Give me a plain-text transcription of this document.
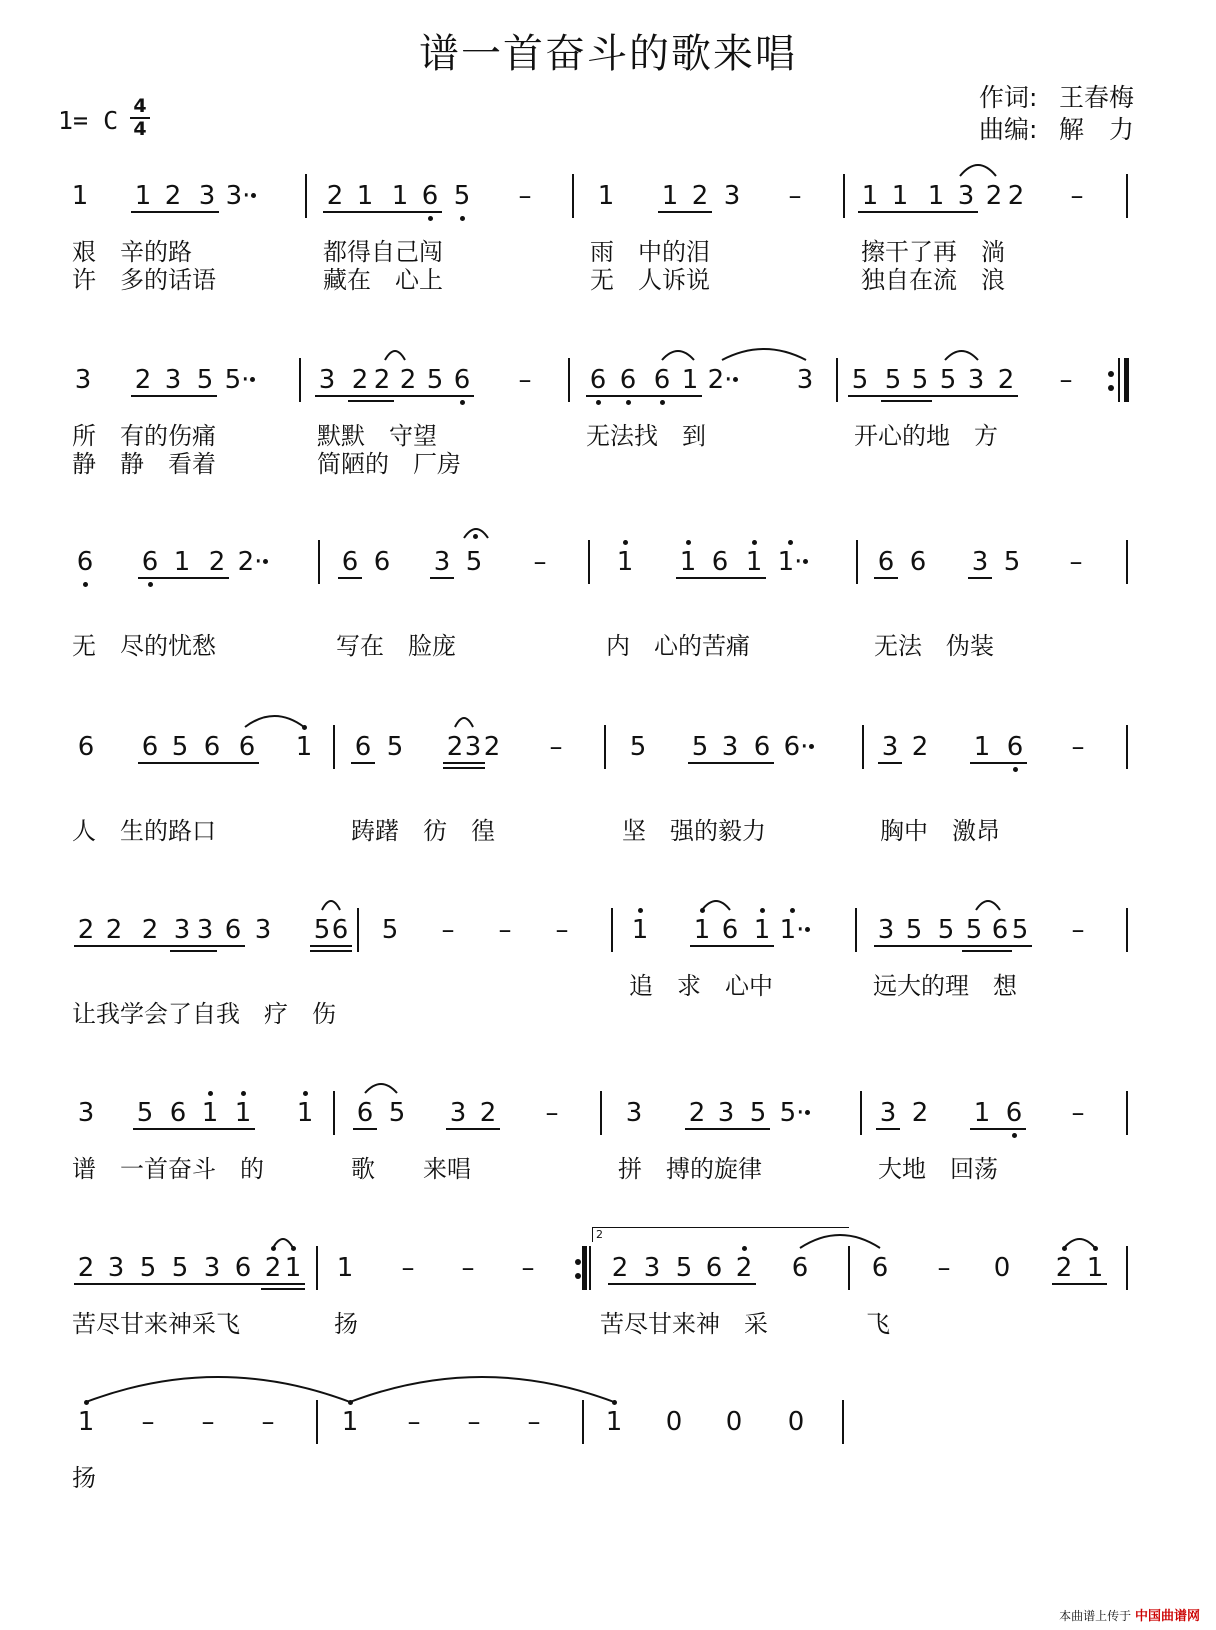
谱一首奋斗的歌来唱
作词: 王春梅
曲编: 解　力
1= C 4
4
1 1 2 3 3·	2 1 1 6 5 –	1 1 2 3 – 1 1 1 3 2 2 –
艰　辛的路	都得自己闯	雨　中的泪	擦干了再　淌
许　多的话语	藏在　心上	无　人诉说	独自在流　浪
3 2 3 5 5·	3 2 2 2 5 6 – 6 6 6 1 2· 3 5 5 5 5 3 2 –
所　有的伤痛	默默　守望	无法找　到	开心的地　方
静　静　看着	简陋的　厂房
6 6 1 2 2·	6 6 3 5 –	1 1 6 1 1·	6 6 3 5 –
无　尽的忧愁	写在　脸庞	内　心的苦痛	无法　伪装
6 6 5 6 6 1 6 5 2 3 2 –	5 5 3 6 6·	3 2 1 6 –
人　生的路口	踌躇　彷　徨	坚　强的毅力	胸中　激昂
2 2 2 3 3 6 3 5 6 5 – – – 1 1 6 1 1·	3 5 5 5 6 5 –
追　求　心中	远大的理　想
让我学会了自我　疗　伤
3 5 6 1 1 1 6 5 3 2 –	3 2 3 5 5·	3 2 1 6 –
谱　一首奋斗　的	歌　　来唱	拼　搏的旋律	大地　回荡
2 3 5 5 3 6 2 1 1 – – –	2 3 5 6 2 6 6 – 0 2 1
苦尽甘来神采飞	扬	苦尽甘来神　采	飞
1 – – –	1 – – –	1 0 0 0
扬
2
本曲谱上传于 中国曲谱网
